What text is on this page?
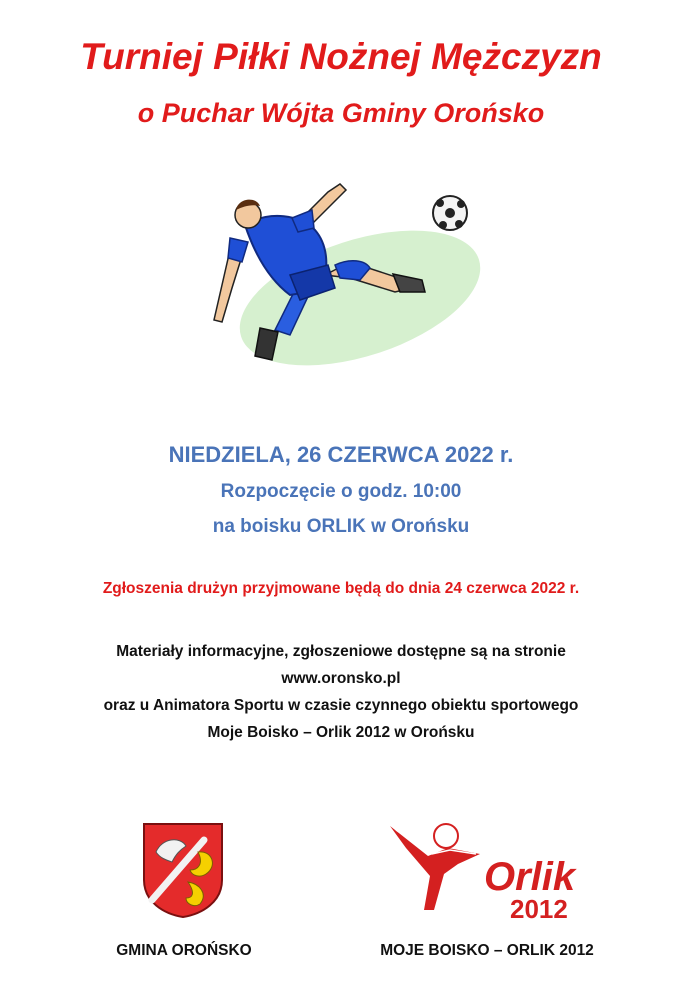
Turniej Piłki Nożnej Mężczyzn
o Puchar Wójta Gminy Orońsko
NIEDZIELA, 26 CZERWCA 2022 r.
Rozpoczęcie o godz. 10:00
na boisku ORLIK w Orońsku
Zgłoszenia drużyn przyjmowane będą do dnia 24 czerwca 2022 r.
Materiały informacyjne, zgłoszeniowe dostępne są na stronie
www.oronsko.pl
oraz u Animatora Sportu w czasie czynnego obiektu sportowego
Moje Boisko – Orlik 2012 w Orońsku
Orlik
2012
GMINA OROŃSKO	MOJE BOISKO – ORLIK 2012
